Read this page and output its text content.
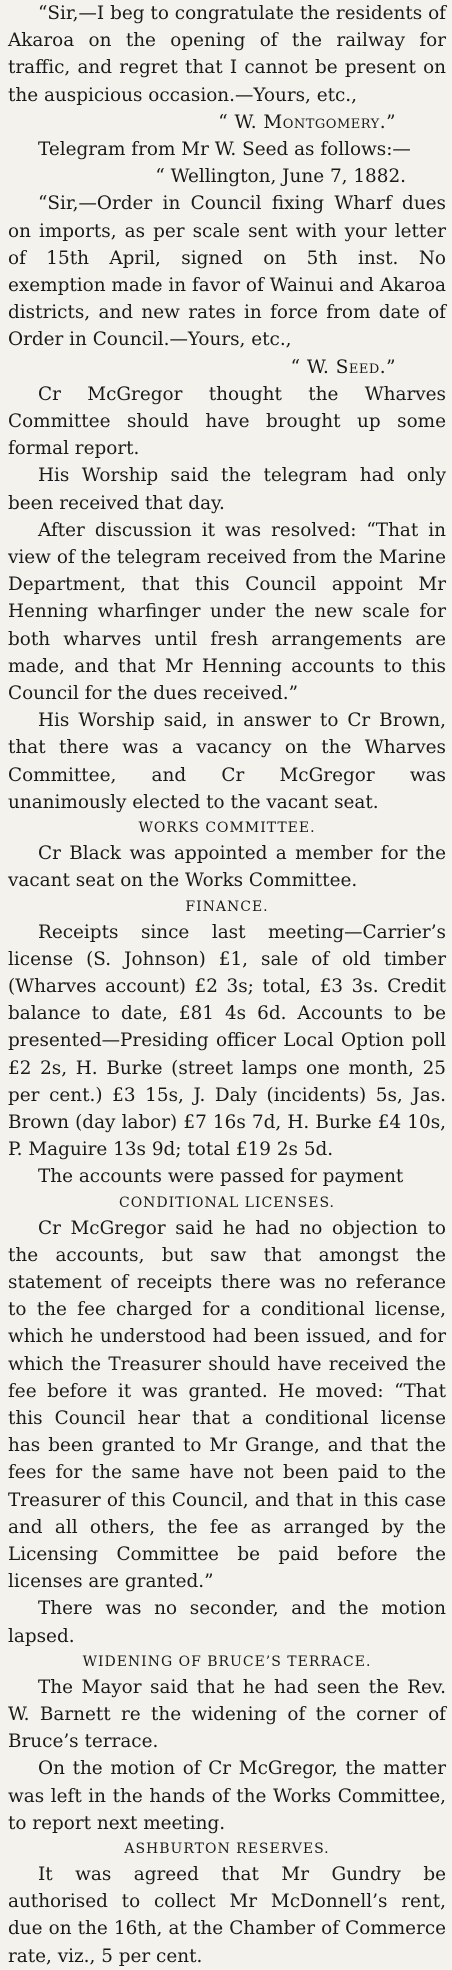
“Sir,—I beg to congratulate the residents of Akaroa on the opening of the railway for traffic, and regret that I cannot be present on the auspicious occasion.—Yours, etc.,

“ W. Montgomery.”

Telegram from Mr W. Seed as follows:—

“ Wellington, June 7, 1882.

“Sir,—Order in Council fixing Wharf dues on imports, as per scale sent with your letter of 15th April, signed on 5th inst. No exemption made in favor of Wainui and Akaroa districts, and new rates in force from date of Order in Council.—Yours, etc.,

“ W. Seed.”

Cr McGregor thought the Wharves Committee should have brought up some formal report.

His Worship said the telegram had only been received that day.

After discussion it was resolved: “That in view of the telegram received from the Marine Department, that this Council appoint Mr Henning wharfinger under the new scale for both wharves until fresh arrangements are made, and that Mr Henning accounts to this Council for the dues received.”

His Worship said, in answer to Cr Brown, that there was a vacancy on the Wharves Committee, and Cr McGregor was unanimously elected to the vacant seat.

WORKS COMMITTEE.

Cr Black was appointed a member for the vacant seat on the Works Committee.

FINANCE.

Receipts since last meeting—Carrier’s license (S. Johnson) £1, sale of old timber (Wharves account) £2 3s; total, £3 3s. Credit balance to date, £81 4s 6d. Accounts to be presented—Presiding officer Local Option poll £2 2s, H. Burke (street lamps one month, 25 per cent.) £3 15s, J. Daly (incidents) 5s, Jas. Brown (day labor) £7 16s 7d, H. Burke £4 10s, P. Maguire 13s 9d; total £19 2s 5d.

The accounts were passed for payment

CONDITIONAL LICENSES.

Cr McGregor said he had no objection to the accounts, but saw that amongst the statement of receipts there was no referance to the fee charged for a conditional license, which he understood had been issued, and for which the Treasurer should have received the fee before it was granted. He moved: “That this Council hear that a conditional license has been granted to Mr Grange, and that the fees for the same have not been paid to the Treasurer of this Council, and that in this case and all others, the fee as arranged by the Licensing Committee be paid before the licenses are granted.”

There was no seconder, and the motion lapsed.

WIDENING OF BRUCE’S TERRACE.

The Mayor said that he had seen the Rev. W. Barnett re the widening of the corner of Bruce’s terrace.

On the motion of Cr McGregor, the matter was left in the hands of the Works Committee, to report next meeting.

ASHBURTON RESERVES.

It was agreed that Mr Gundry be authorised to collect Mr McDonnell’s rent, due on the 16th, at the Chamber of Commerce rate, viz., 5 per cent.
